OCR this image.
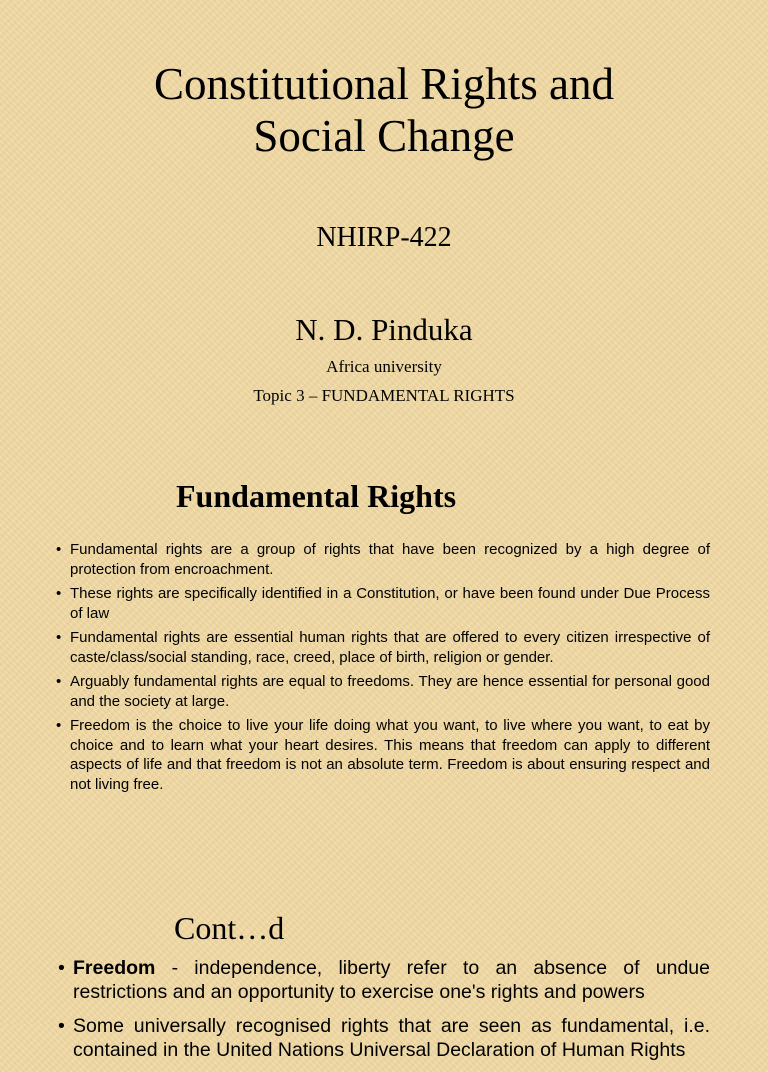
Constitutional Rights and
Social Change
NHIRP-422
N. D. Pinduka
Africa university
Topic 3 – FUNDAMENTAL RIGHTS
Fundamental Rights
• Fundamental rights are a group of rights that have been recognized by a high degree of protection from encroachment.
• These rights are specifically identified in a Constitution, or have been found under Due Process of law
• Fundamental rights are essential human rights that are offered to every citizen irrespective of caste/class/social standing, race, creed, place of birth, religion or gender.
• Arguably fundamental rights are equal to freedoms. They are hence essential for personal good and the society at large.
• Freedom is the choice to live your life doing what you want, to live where you want, to eat by choice and to learn what your heart desires. This means that freedom can apply to different aspects of life and that freedom is not an absolute term. Freedom is about ensuring respect and not living free.
Cont…d
• Freedom - independence, liberty refer to an absence of undue restrictions and an opportunity to exercise one's rights and powers
• Some universally recognised rights that are seen as fundamental, i.e. contained in the United Nations Universal Declaration of Human Rights
